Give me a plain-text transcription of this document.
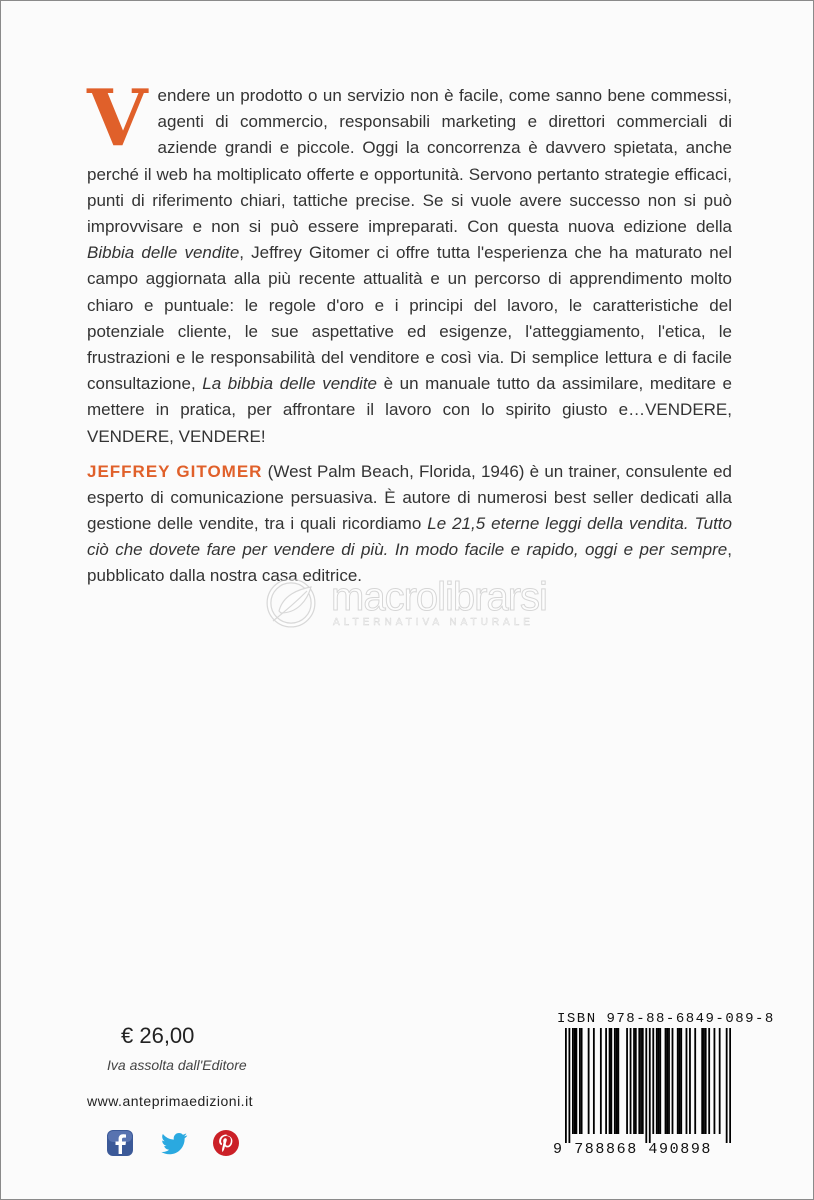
Vendere un prodotto o un servizio non è facile, come sanno bene commessi, agenti di commercio, responsabili marketing e direttori commerciali di aziende grandi e piccole. Oggi la concorrenza è davvero spietata, anche perché il web ha moltiplicato offerte e opportunità. Servono pertanto strategie efficaci, punti di riferimento chiari, tattiche precise. Se si vuole avere successo non si può improvvisare e non si può essere impreparati. Con questa nuova edizione della Bibbia delle vendite, Jeffrey Gitomer ci offre tutta l'esperienza che ha maturato nel campo aggiornata alla più recente attualità e un percorso di apprendimento molto chiaro e puntuale: le regole d'oro e i principi del lavoro, le caratteristiche del potenziale cliente, le sue aspettative ed esigenze, l'atteggiamento, l'etica, le frustrazioni e le responsabilità del venditore e così via. Di semplice lettura e di facile consultazione, La bibbia delle vendite è un manuale tutto da assimilare, meditare e mettere in pratica, per affrontare il lavoro con lo spirito giusto e…VENDERE, VENDERE, VENDERE!
JEFFREY GITOMER (West Palm Beach, Florida, 1946) è un trainer, consulente ed esperto di comunicazione persuasiva. È autore di numerosi best seller dedicati alla gestione delle vendite, tra i quali ricordiamo Le 21,5 eterne leggi della vendita. Tutto ciò che dovete fare per vendere di più. In modo facile e rapido, oggi e per sempre, pubblicato dalla nostra casa editrice.
macrolibrarsi
ALTERNATIVA NATURALE
€ 26,00
Iva assolta dall'Editore
www.anteprimaedizioni.it
ISBN 978-88-6849-089-8
9 788868 490898
